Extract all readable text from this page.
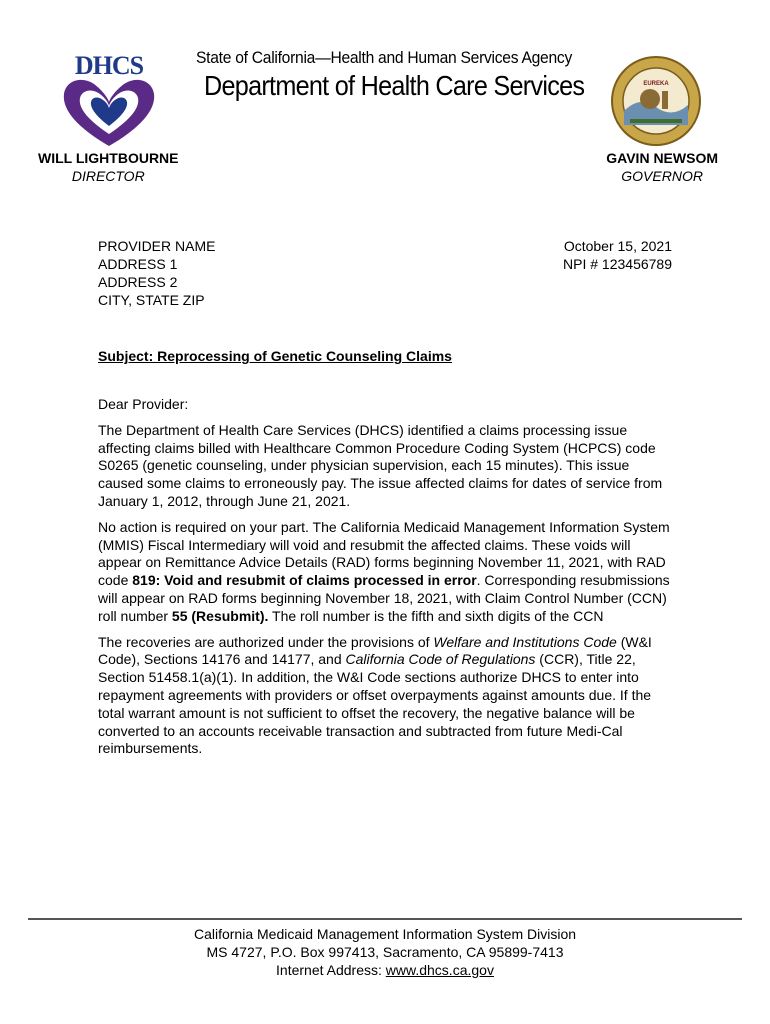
DHCS	State of California—Health and Human Services Agency
Department of Health Care Services	EUREKA
WILL LIGHTBOURNE
DIRECTOR
GAVIN NEWSOM
GOVERNOR
PROVIDER NAME
ADDRESS 1
ADDRESS 2
CITY, STATE ZIP
October 15, 2021
NPI # 123456789
Subject: Reprocessing of Genetic Counseling Claims

Dear Provider:

The Department of Health Care Services (DHCS) identified a claims processing issue affecting claims billed with Healthcare Common Procedure Coding System (HCPCS) code S0265 (genetic counseling, under physician supervision, each 15 minutes). This issue caused some claims to erroneously pay. The issue affected claims for dates of service from January 1, 2012, through June 21, 2021.

No action is required on your part. The California Medicaid Management Information System (MMIS) Fiscal Intermediary will void and resubmit the affected claims. These voids will appear on Remittance Advice Details (RAD) forms beginning November 11, 2021, with RAD code 819: Void and resubmit of claims processed in error. Corresponding resubmissions will appear on RAD forms beginning November 18, 2021, with Claim Control Number (CCN) roll number 55 (Resubmit). The roll number is the fifth and sixth digits of the CCN

The recoveries are authorized under the provisions of Welfare and Institutions Code (W&I Code), Sections 14176 and 14177, and California Code of Regulations (CCR), Title 22, Section 51458.1(a)(1). In addition, the W&I Code sections authorize DHCS to enter into repayment agreements with providers or offset overpayments against amounts due. If the total warrant amount is not sufficient to offset the recovery, the negative balance will be converted to an accounts receivable transaction and subtracted from future Medi-Cal reimbursements.

California Medicaid Management Information System Division
MS 4727, P.O. Box 997413, Sacramento, CA 95899-7413
Internet Address: www.dhcs.ca.gov
